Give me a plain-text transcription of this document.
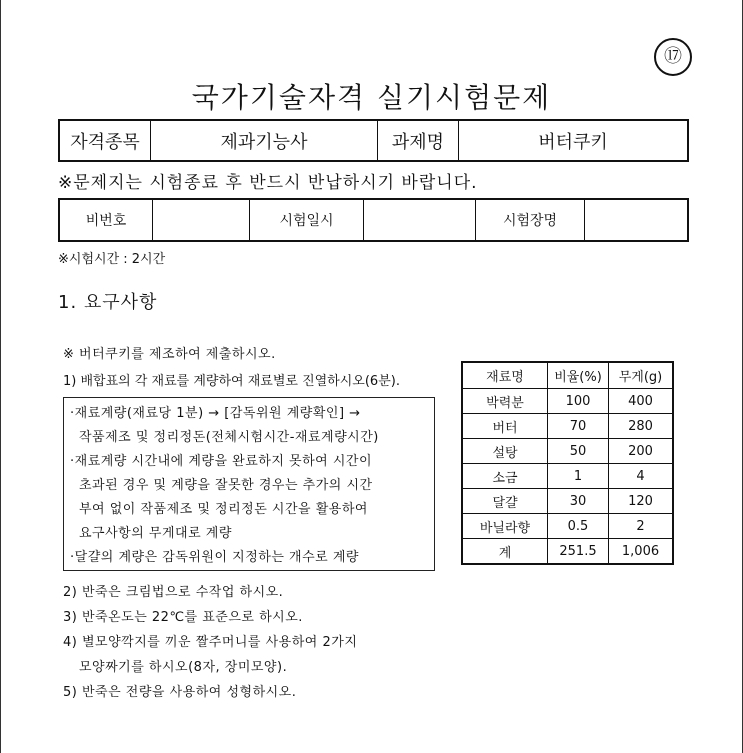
⑰
국가기술자격 실기시험문제
자격종목	제과기능사	과제명	버터쿠키
※문제지는 시험종료 후 반드시 반납하시기 바랍니다.
비번호		시험일시		시험장명	
※시험시간 : 2시간
1. 요구사항
※ 버터쿠키를 제조하여 제출하시오.
1) 배합표의 각 재료를 계량하여 재료별로 진열하시오(6분).

·재료계량(재료당 1분) → [감독위원 계량확인] →

작품제조 및 정리정돈(전체시험시간-재료계량시간)

·재료계량 시간내에 계량을 완료하지 못하여 시간이

초과된 경우 및 계량을 잘못한 경우는 추가의 시간

부여 없이 작품제조 및 정리정돈 시간을 활용하여

요구사항의 무게대로 계량

·달걀의 계량은 감독위원이 지정하는 개수로 계량

2) 반죽은 크림법으로 수작업 하시오.

3) 반죽온도는 22℃를 표준으로 하시오.

4) 별모양깍지를 끼운 짤주머니를 사용하여 2가지

모양짜기를 하시오(8자, 장미모양).

5) 반죽은 전량을 사용하여 성형하시오.

재료명	비율(%)	무게(g)
박력분	100	400
버터	70	280
설탕	50	200
소금	1	4
달걀	30	120
바닐라향	0.5	2
계	251.5	1,006
